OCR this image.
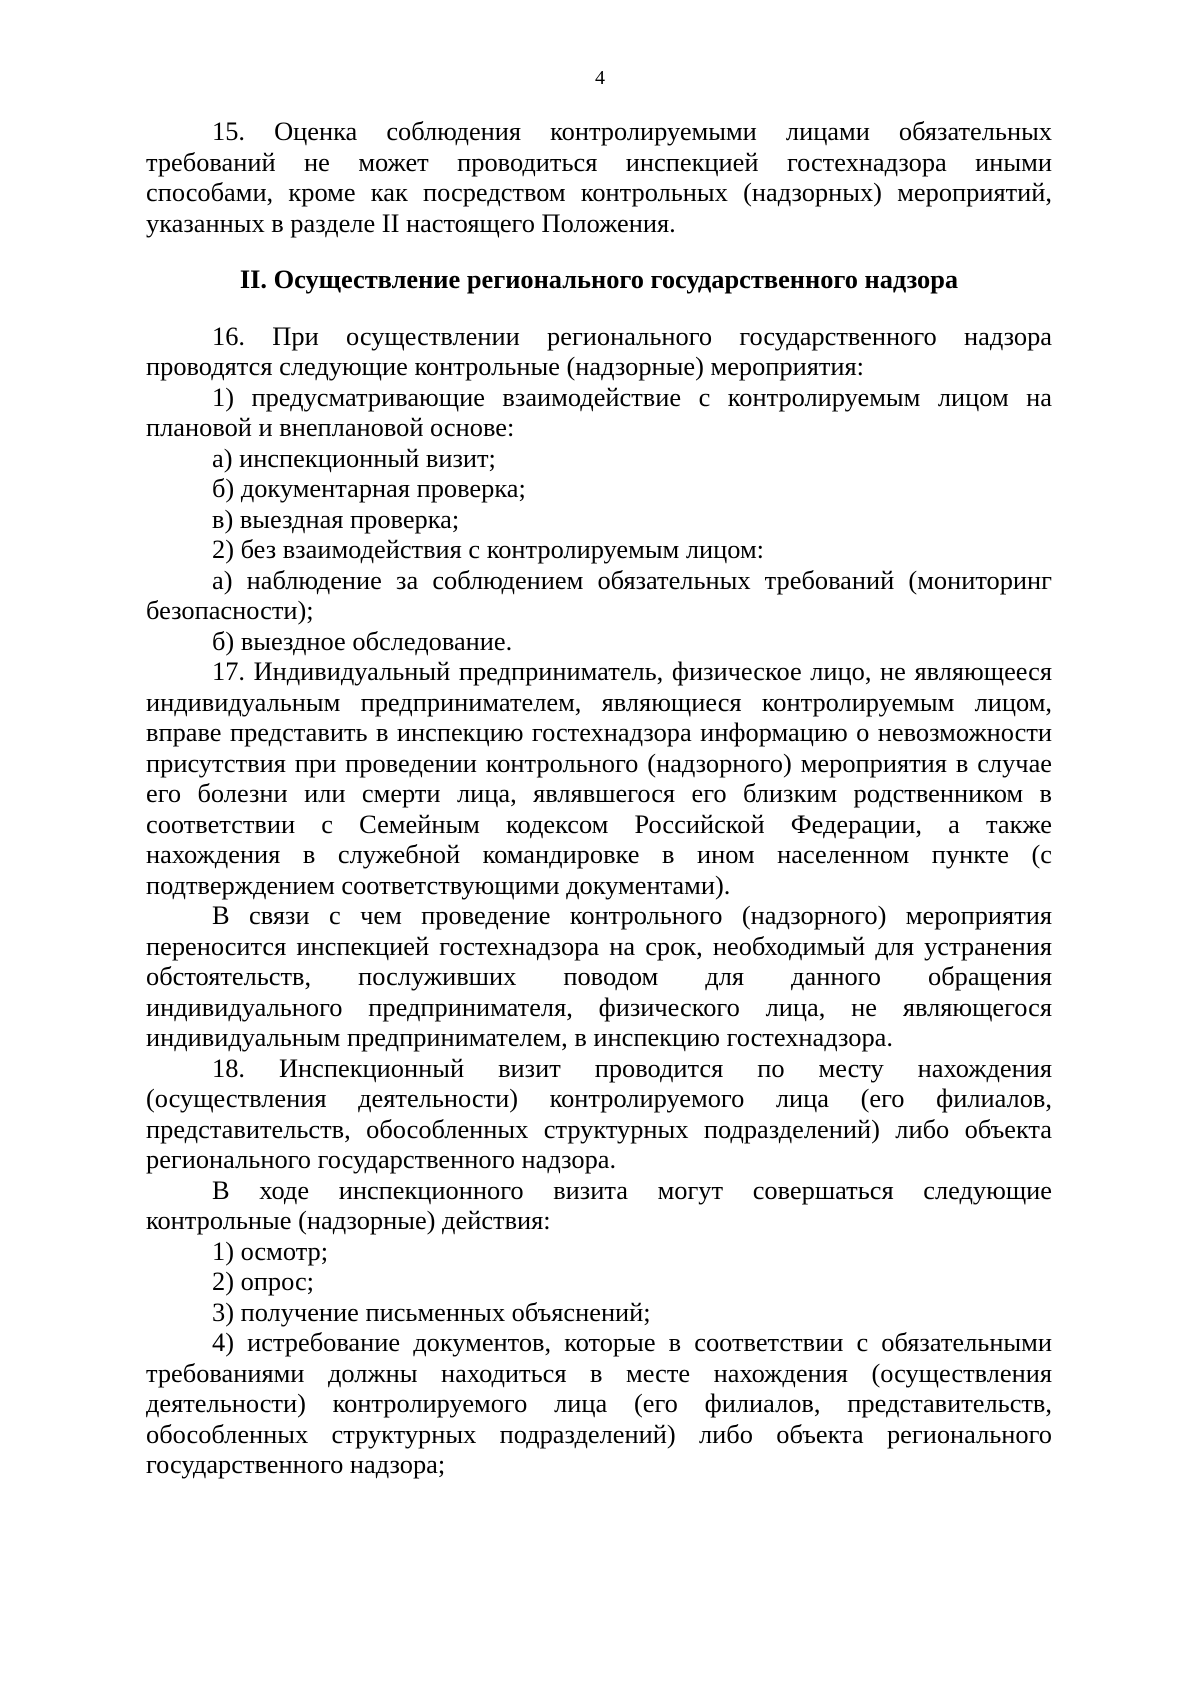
4

15. Оценка соблюдения контролируемыми лицами обязательных требований не может проводиться инспекцией гостехнадзора иными способами, кроме как посредством контрольных (надзорных) мероприятий, указанных в разделе II настоящего Положения.

II. Осуществление регионального государственного надзора

16. При осуществлении регионального государственного надзора проводятся следующие контрольные (надзорные) мероприятия:

1) предусматривающие взаимодействие с контролируемым лицом на плановой и внеплановой основе:

а) инспекционный визит;

б) документарная проверка;

в) выездная проверка;

2) без взаимодействия с контролируемым лицом:

а) наблюдение за соблюдением обязательных требований (мониторинг безопасности);

б) выездное обследование.

17. Индивидуальный предприниматель, физическое лицо, не являющееся индивидуальным предпринимателем, являющиеся контролируемым лицом, вправе представить в инспекцию гостехнадзора информацию о невозможности присутствия при проведении контрольного (надзорного) мероприятия в случае его болезни или смерти лица, являвшегося его близким родственником в соответствии с Семейным кодексом Российской Федерации, а также нахождения в служебной командировке в ином населенном пункте (с подтверждением соответствующими документами).

В связи с чем проведение контрольного (надзорного) мероприятия переносится инспекцией гостехнадзора на срок, необходимый для устранения обстоятельств, послуживших поводом для данного обращения индивидуального предпринимателя, физического лица, не являющегося индивидуальным предпринимателем, в инспекцию гостехнадзора.

18. Инспекционный визит проводится по месту нахождения (осуществления деятельности) контролируемого лица (его филиалов, представительств, обособленных структурных подразделений) либо объекта регионального государственного надзора.

В ходе инспекционного визита могут совершаться следующие контрольные (надзорные) действия:

1) осмотр;

2) опрос;

3) получение письменных объяснений;

4) истребование документов, которые в соответствии с обязательными требованиями должны находиться в месте нахождения (осуществления деятельности) контролируемого лица (его филиалов, представительств, обособленных структурных подразделений) либо объекта регионального государственного надзора;
